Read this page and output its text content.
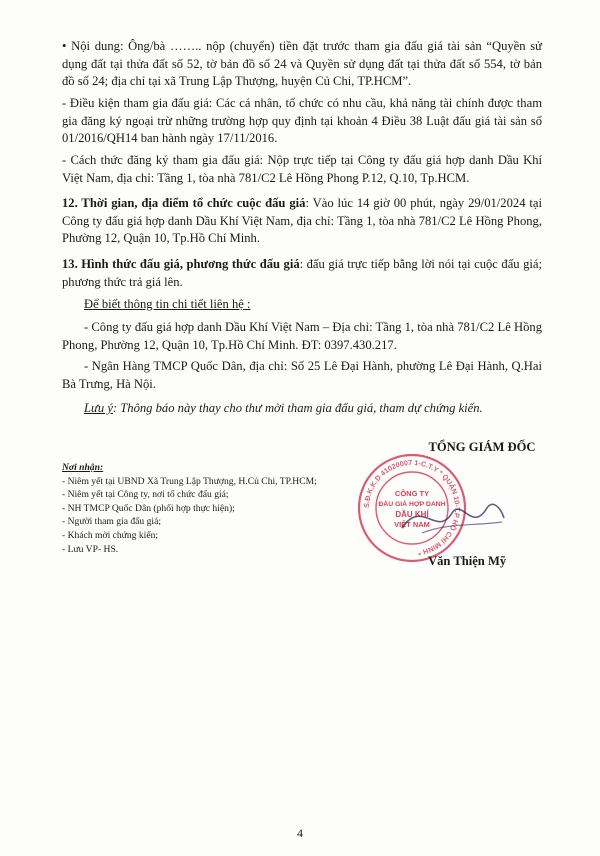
• Nội dung: Ông/bà …….. nộp (chuyển) tiền đặt trước tham gia đấu giá tài sản “Quyền sử dụng đất tại thửa đất số 52, tờ bản đồ số 24 và Quyền sử dụng đất tại thửa đất số 554, tờ bản đồ số 24; địa chỉ tại xã Trung Lập Thượng, huyện Củ Chi, TP.HCM”.
- Điều kiện tham gia đấu giá: Các cá nhân, tổ chức có nhu cầu, khả năng tài chính được tham gia đăng ký ngoại trừ những trường hợp quy định tại khoản 4 Điều 38 Luật đấu giá tài sản số 01/2016/QH14 ban hành ngày 17/11/2016.
- Cách thức đăng ký tham gia đấu giá: Nộp trực tiếp tại Công ty đấu giá hợp danh Dầu Khí Việt Nam, địa chỉ: Tầng 1, tòa nhà 781/C2 Lê Hồng Phong P.12, Q.10, Tp.HCM.
12. Thời gian, địa điểm tổ chức cuộc đấu giá: Vào lúc 14 giờ 00 phút, ngày 29/01/2024 tại Công ty đấu giá hợp danh Dầu Khí Việt Nam, địa chỉ: Tầng 1, tòa nhà 781/C2 Lê Hồng Phong, Phường 12, Quận 10, Tp.Hồ Chí Minh.
13. Hình thức đấu giá, phương thức đấu giá: đấu giá trực tiếp bằng lời nói tại cuộc đấu giá; phương thức trả giá lên.
Để biết thông tin chi tiết liên hệ :
- Công ty đấu giá hợp danh Dầu Khí Việt Nam – Địa chỉ: Tầng 1, tòa nhà 781/C2 Lê Hồng Phong, Phường 12, Quận 10, Tp.Hồ Chí Minh. ĐT: 0397.430.217.
- Ngân Hàng TMCP Quốc Dân, địa chỉ: Số 25 Lê Đại Hành, phường Lê Đại Hành, Q.Hai Bà Trưng, Hà Nội.
Lưu ý: Thông báo này thay cho thư mời tham gia đấu giá, tham dự chứng kiến.
TỔNG GIÁM ĐỐC
Nơi nhận:
- Niêm yết tại UBND Xã Trung Lập Thượng, H.Củ Chi, TP.HCM;
- Niêm yết tại Công ty, nơi tổ chức đấu giá;
- NH TMCP Quốc Dân (phối hợp thực hiện);
- Người tham gia đấu giá;
- Khách mời chứng kiến;
- Lưu VP- HS.
S.Đ.K.K.D 41020007 1-C.T.Y * QUẬN 10-T.P HỒ CHÍ MINH *
CÔNG TY
ĐẤU GIÁ HỢP DANH
DẦU KHÍ
VIỆT NAM
Văn Thiện Mỹ
4
